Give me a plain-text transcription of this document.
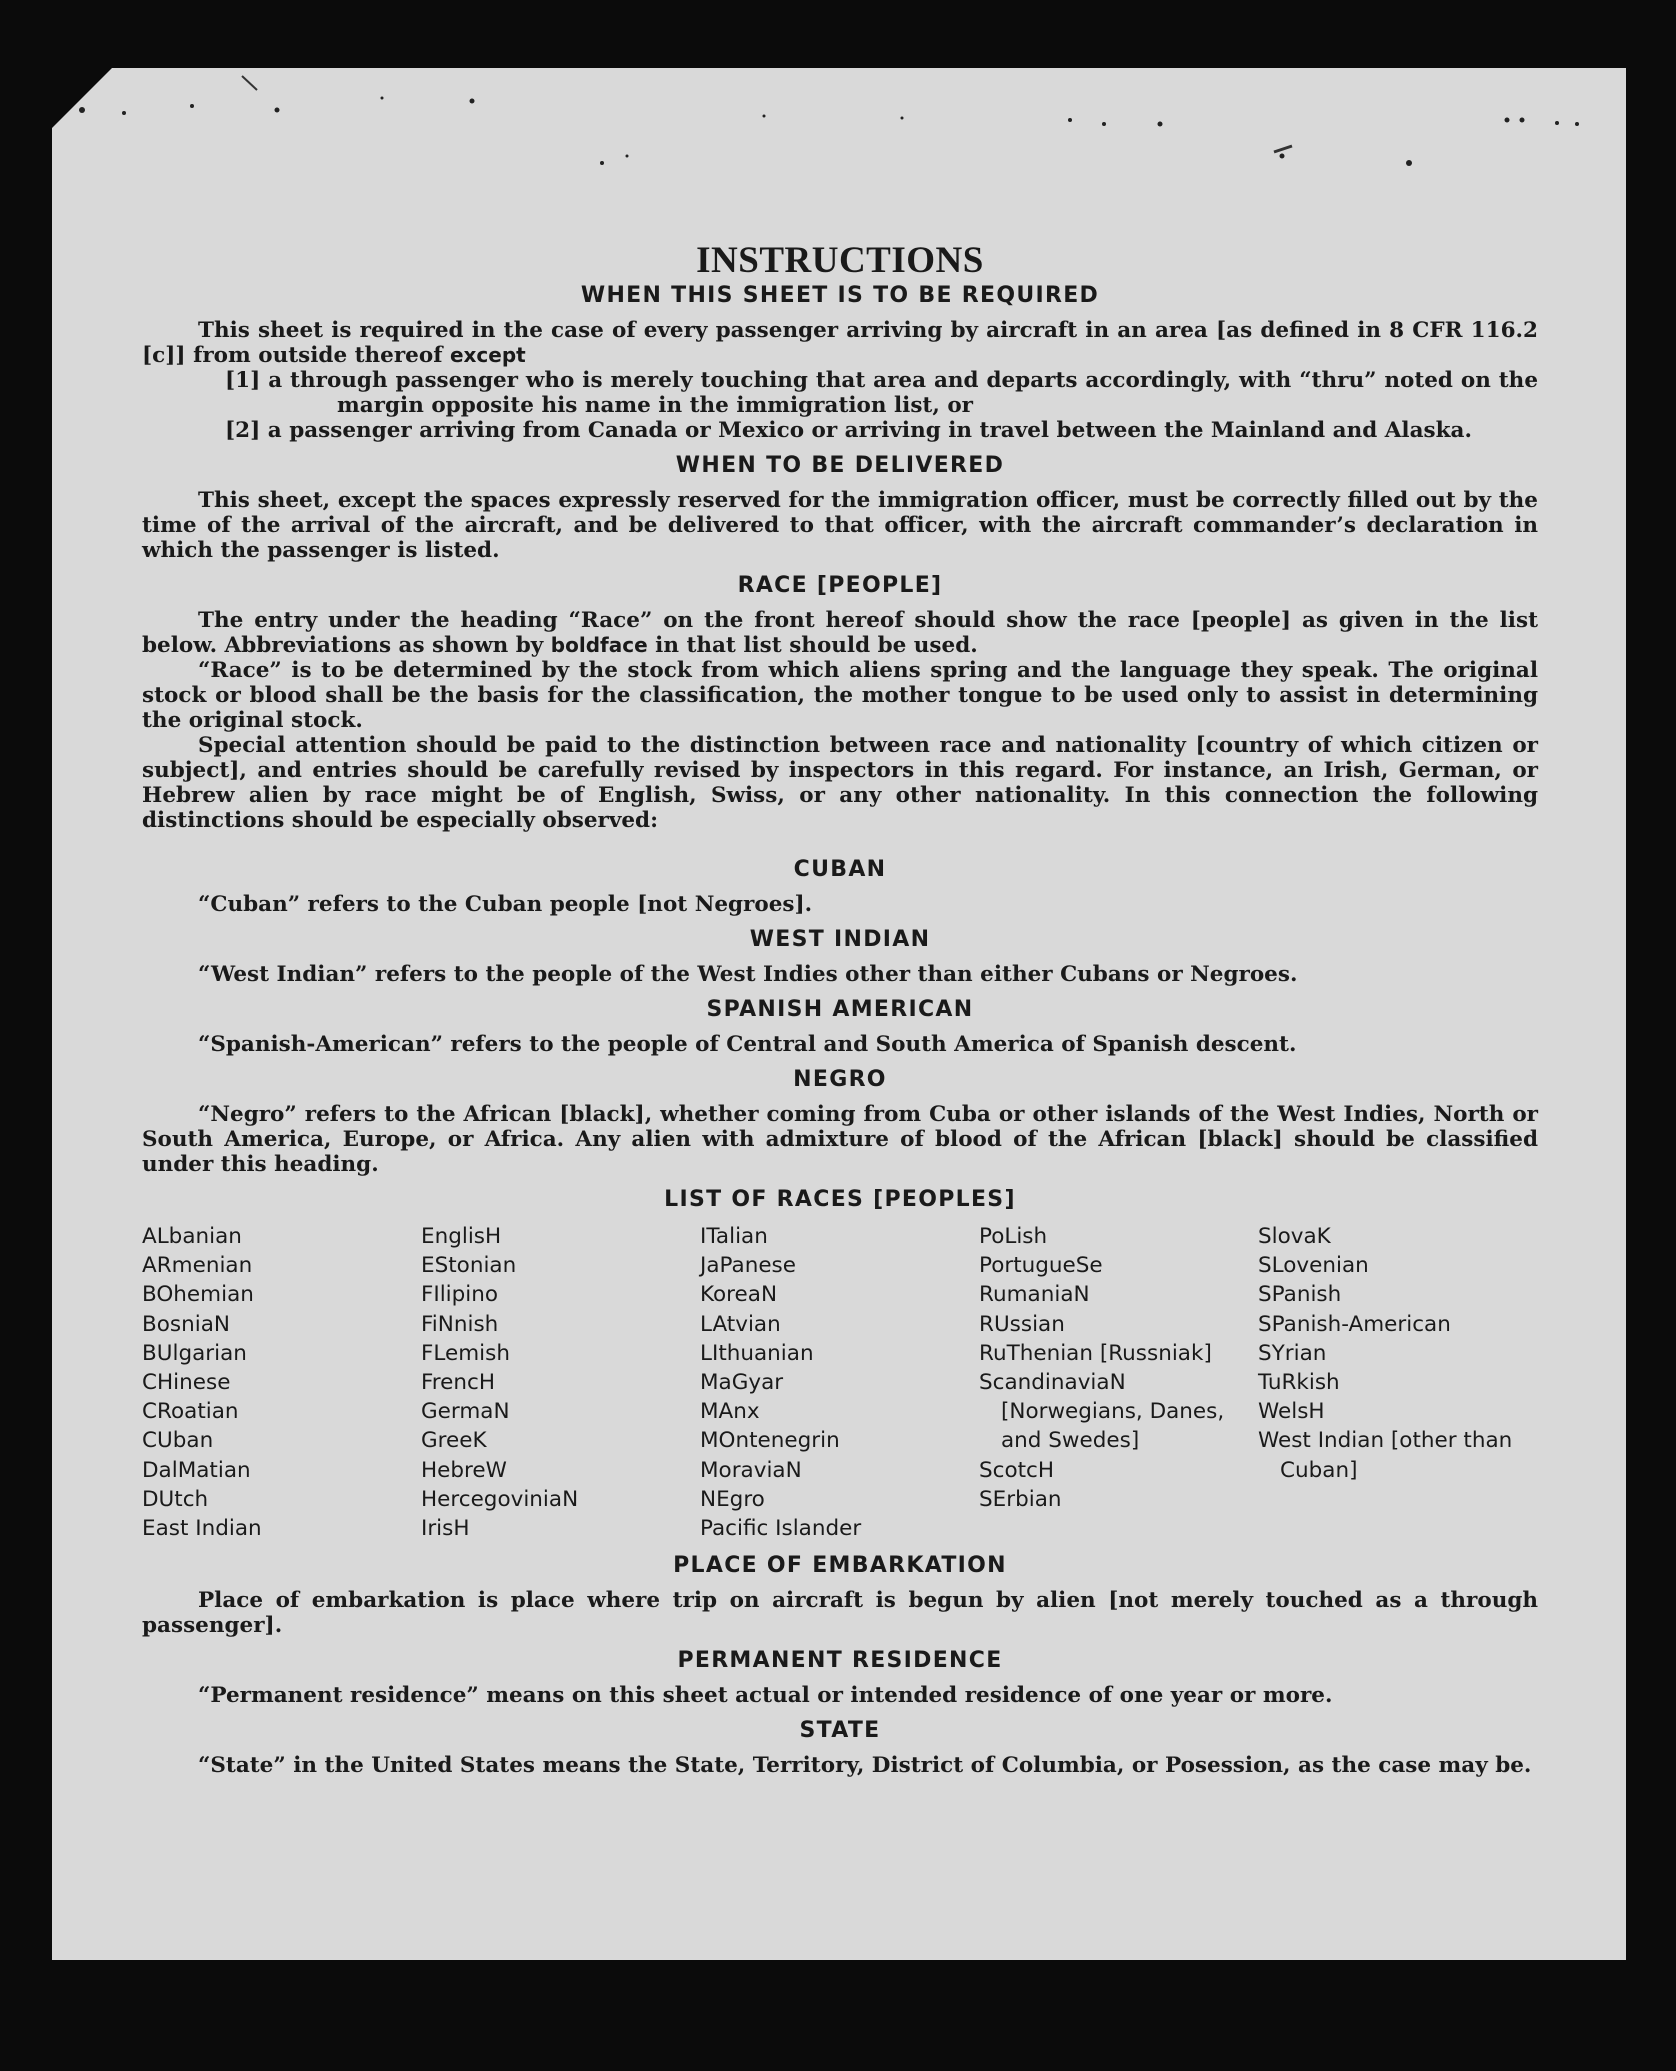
INSTRUCTIONS
WHEN THIS SHEET IS TO BE REQUIRED

This sheet is required in the case of every passenger arriving by aircraft in an area [as defined in 8 CFR 116.2 [c]] from outside thereof except

[1] a through passenger who is merely touching that area and departs accordingly, with “thru” noted on the margin opposite his name in the immigration list, or

[2] a passenger arriving from Canada or Mexico or arriving in travel between the Mainland and Alaska.

WHEN TO BE DELIVERED

This sheet, except the spaces expressly reserved for the immigration officer, must be correctly filled out by the time of the arrival of the aircraft, and be delivered to that officer, with the aircraft commander’s declaration in which the passenger is listed.

RACE [PEOPLE]

The entry under the heading “Race” on the front hereof should show the race [people] as given in the list below. Abbreviations as shown by boldface in that list should be used.

“Race” is to be determined by the stock from which aliens spring and the language they speak. The original stock or blood shall be the basis for the classification, the mother tongue to be used only to assist in determining the original stock.

Special attention should be paid to the distinction between race and nationality [country of which citizen or subject], and entries should be carefully revised by inspectors in this regard. For instance, an Irish, German, or Hebrew alien by race might be of English, Swiss, or any other nationality. In this connection the following distinctions should be especially observed:

CUBAN

“Cuban” refers to the Cuban people [not Negroes].

WEST INDIAN

“West Indian” refers to the people of the West Indies other than either Cubans or Negroes.

SPANISH AMERICAN

“Spanish-American” refers to the people of Central and South America of Spanish descent.

NEGRO

“Negro” refers to the African [black], whether coming from Cuba or other islands of the West Indies, North or South America, Europe, or Africa. Any alien with admixture of blood of the African [black] should be classified under this heading.

LIST OF RACES [PEOPLES]

ALbanian

ARmenian

BOhemian

BosniaN

BUlgarian

CHinese

CRoatian

CUban

DalMatian

DUtch

East Indian

EnglisH

EStonian

FIlipino

FiNnish

FLemish

FrencH

GermaN

GreeK

HebreW

HercegoviniaN

IrisH

ITalian

JaPanese

KoreaN

LAtvian

LIthuanian

MaGyar

MAnx

MOntenegrin

MoraviaN

NEgro

Pacific Islander

PoLish

PortugueSe

RumaniaN

RUssian

RuThenian [Russniak]

ScandinaviaN [Norwegians, Danes, and Swedes]

ScotcH

SErbian

SlovaK

SLovenian

SPanish

SPanish-American

SYrian

TuRkish

WelsH

West Indian [other than Cuban]

PLACE OF EMBARKATION

Place of embarkation is place where trip on aircraft is begun by alien [not merely touched as a through passenger].

PERMANENT RESIDENCE

“Permanent residence” means on this sheet actual or intended residence of one year or more.

STATE

“State” in the United States means the State, Territory, District of Columbia, or Posession, as the case may be.
